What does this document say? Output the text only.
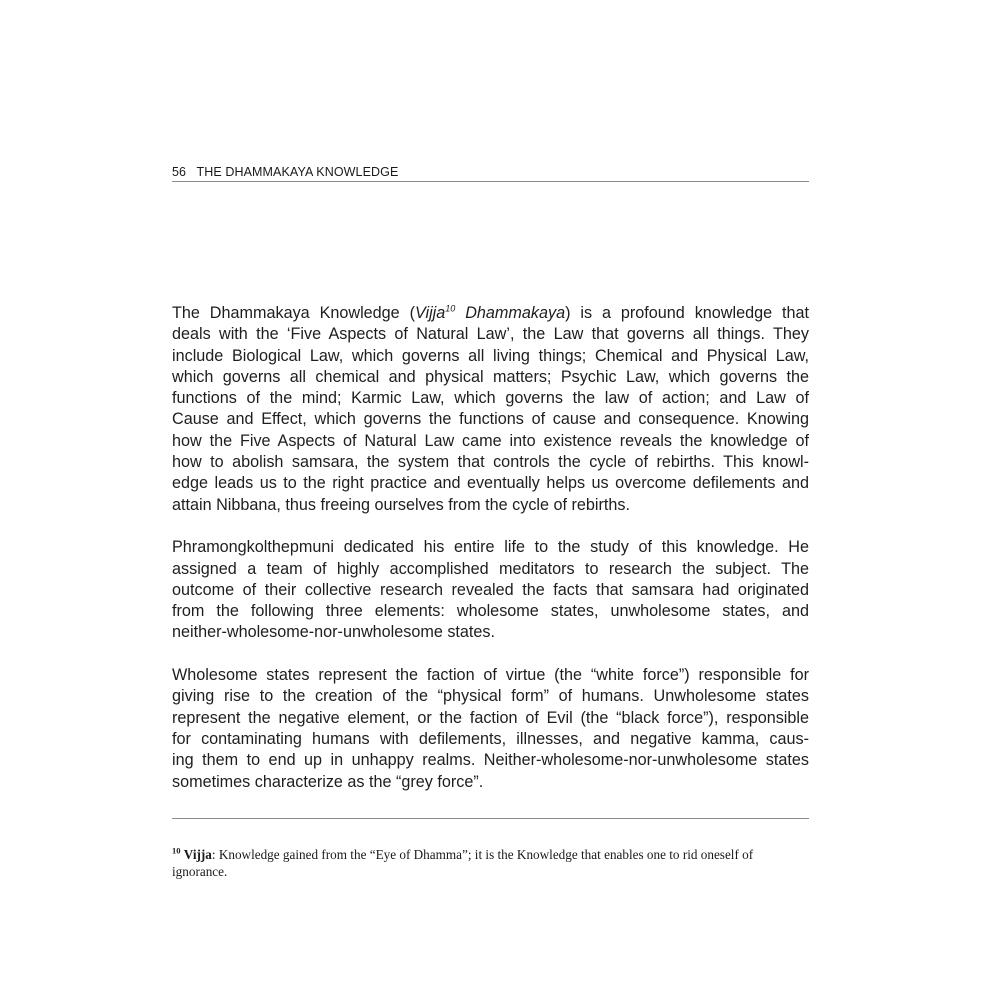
56 THE DHAMMAKAYA KNOWLEDGE
The Dhammakaya Knowledge (Vijja$^{10}$ Dhammakaya) is a profound knowledge that
deals with the ‘Five Aspects of Natural Law’, the Law that governs all things. They
include Biological Law, which governs all living things; Chemical and Physical Law,
which governs all chemical and physical matters; Psychic Law, which governs the
functions of the mind; Karmic Law, which governs the law of action; and Law of
Cause and Effect, which governs the functions of cause and consequence. Knowing
how the Five Aspects of Natural Law came into existence reveals the knowledge of
how to abolish samsara, the system that controls the cycle of rebirths. This knowl-
edge leads us to the right practice and eventually helps us overcome defilements and
attain Nibbana, thus freeing ourselves from the cycle of rebirths.
Phramongkolthepmuni dedicated his entire life to the study of this knowledge. He
assigned a team of highly accomplished meditators to research the subject. The
outcome of their collective research revealed the facts that samsara had originated
from the following three elements: wholesome states, unwholesome states, and
neither-wholesome-nor-unwholesome states.
Wholesome states represent the faction of virtue (the “white force”) responsible for
giving rise to the creation of the “physical form” of humans. Unwholesome states
represent the negative element, or the faction of Evil (the “black force”), responsible
for contaminating humans with defilements, illnesses, and negative kamma, caus-
ing them to end up in unhappy realms. Neither-wholesome-nor-unwholesome states
sometimes characterize as the “grey force”.
$^{10}$ Vijja: Knowledge gained from the “Eye of Dhamma”; it is the Knowledge that enables one to rid oneself of ignorance.
